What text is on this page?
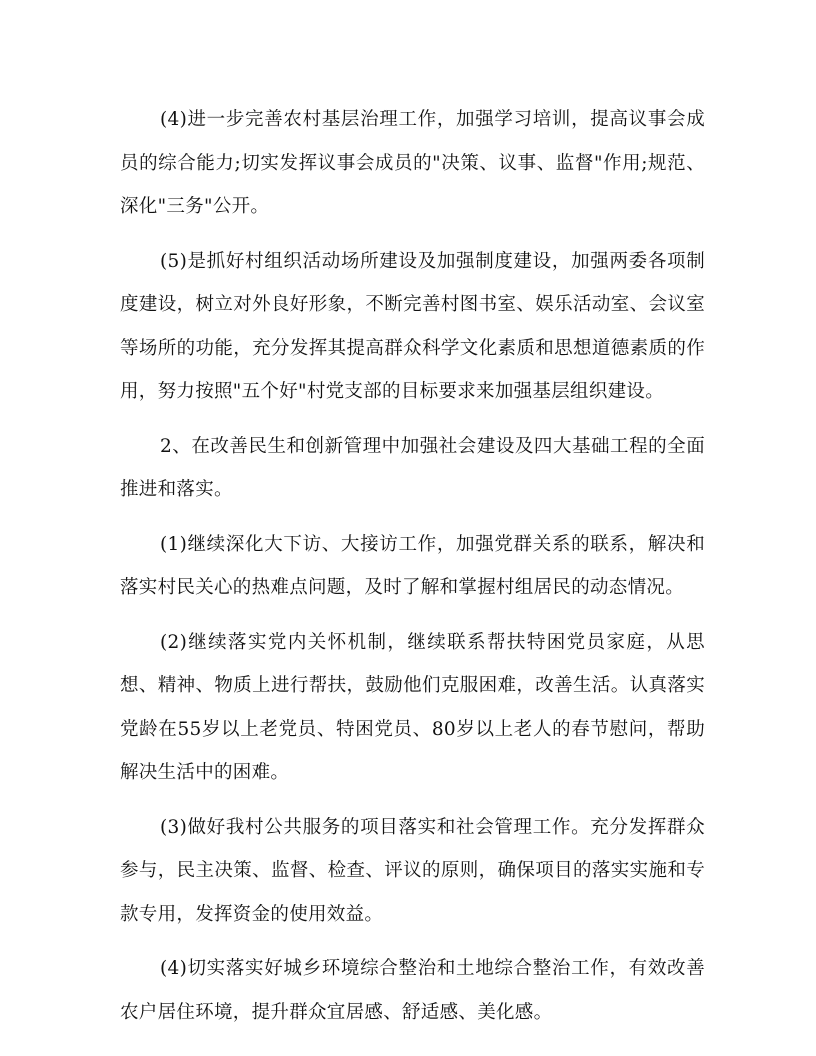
(4)进一步完善农村基层治理工作，加强学习培训，提高议事会成员的综合能力;切实发挥议事会成员的"决策、议事、监督"作用;规范、深化"三务"公开。

(5)是抓好村组织活动场所建设及加强制度建设，加强两委各项制度建设，树立对外良好形象，不断完善村图书室、娱乐活动室、会议室等场所的功能，充分发挥其提高群众科学文化素质和思想道德素质的作用，努力按照"五个好"村党支部的目标要求来加强基层组织建设。

2、在改善民生和创新管理中加强社会建设及四大基础工程的全面推进和落实。

(1)继续深化大下访、大接访工作，加强党群关系的联系，解决和落实村民关心的热难点问题，及时了解和掌握村组居民的动态情况。

(2)继续落实党内关怀机制，继续联系帮扶特困党员家庭，从思想、精神、物质上进行帮扶，鼓励他们克服困难，改善生活。认真落实党龄在55岁以上老党员、特困党员、80岁以上老人的春节慰问，帮助解决生活中的困难。

(3)做好我村公共服务的项目落实和社会管理工作。充分发挥群众参与，民主决策、监督、检查、评议的原则，确保项目的落实实施和专款专用，发挥资金的使用效益。

(4)切实落实好城乡环境综合整治和土地综合整治工作，有效改善农户居住环境，提升群众宜居感、舒适感、美化感。
